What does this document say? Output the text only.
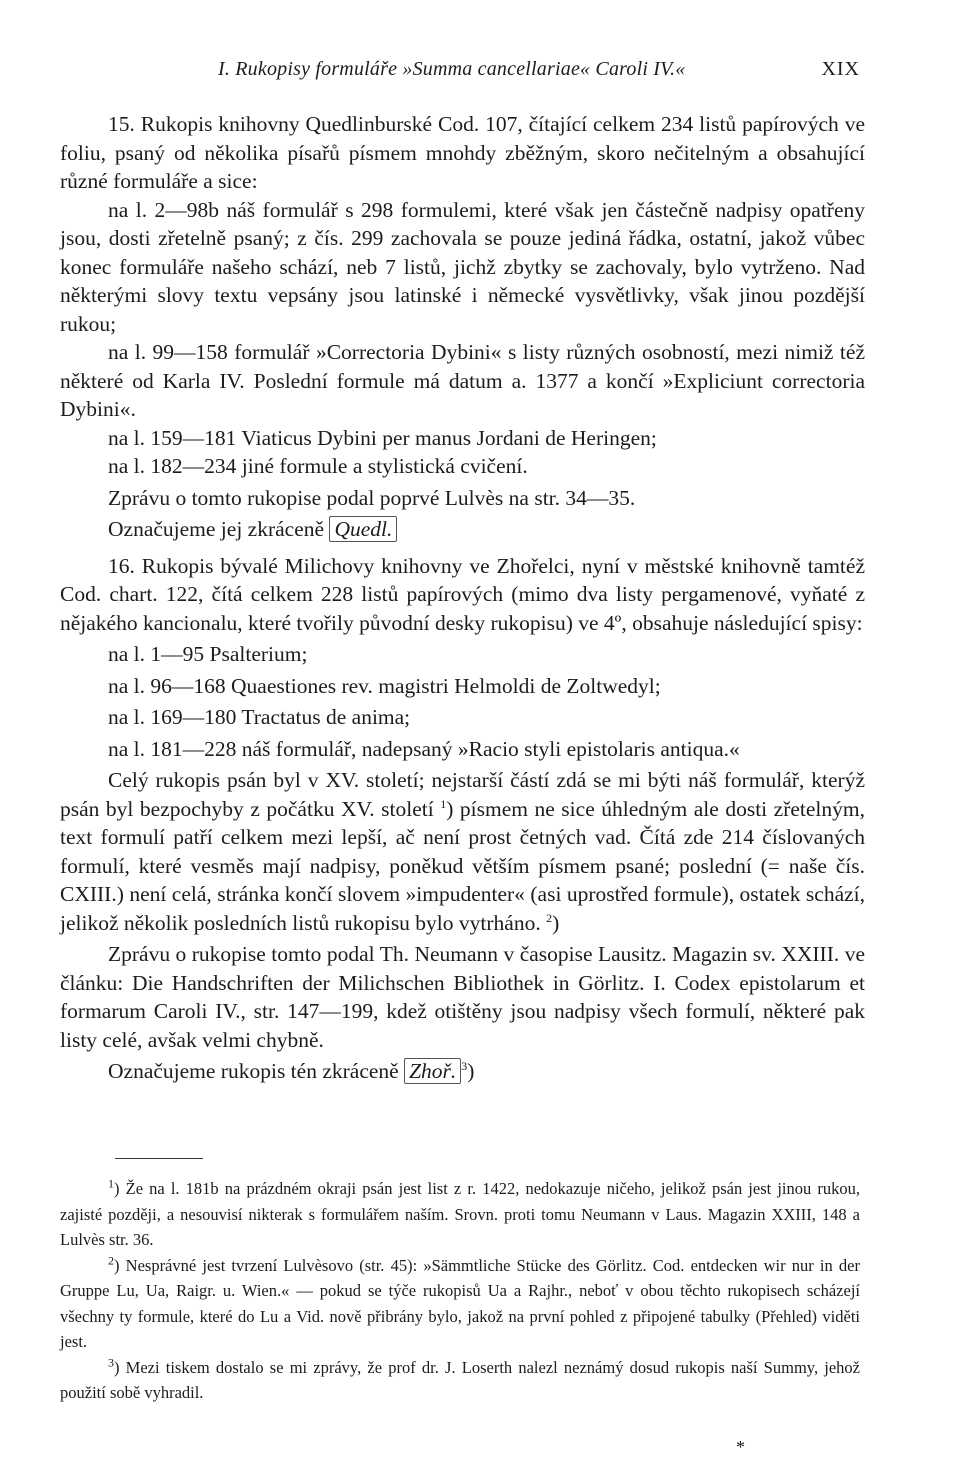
I. Rukopisy formuláře »Summa cancellariae« Caroli IV.«	XIX

15. Rukopis knihovny Quedlinburské Cod. 107, čítající celkem 234 listů papírových ve foliu, psaný od několika písařů písmem mnohdy zběžným, skoro nečitelným a obsahující různé formuláře a sice:

na l. 2—98b náš formulář s 298 formulemi, které však jen částečně nadpisy opatřeny jsou, dosti zřetelně psaný; z čís. 299 zachovala se pouze jediná řádka, ostatní, jakož vůbec konec formuláře našeho schází, neb 7 listů, jichž zbytky se zachovaly, bylo vytrženo. Nad některými slovy textu vepsány jsou latinské i německé vysvětlivky, však jinou pozdější rukou;

na l. 99—158 formulář »Correctoria Dybini« s listy různých osobností, mezi nimiž též některé od Karla IV. Poslední formule má datum a. 1377 a končí »Expliciunt correctoria Dybini«.

na l. 159—181 Viaticus Dybini per manus Jordani de Heringen;

na l. 182—234 jiné formule a stylistická cvičení.

Zprávu o tomto rukopise podal poprvé Lulvès na str. 34—35.

Označujeme jej zkráceně Quedl.

16. Rukopis bývalé Milichovy knihovny ve Zhořelci, nyní v městské knihovně tamtéž Cod. chart. 122, čítá celkem 228 listů papírových (mimo dva listy pergamenové, vyňaté z nějakého kancionalu, které tvořily původní desky rukopisu) ve 4º, obsahuje následující spisy:

na l. 1—95 Psalterium;

na l. 96—168 Quaestiones rev. magistri Helmoldi de Zoltwedyl;

na l. 169—180 Tractatus de anima;

na l. 181—228 náš formulář, nadepsaný »Racio styli epistolaris antiqua.«

Celý rukopis psán byl v XV. století; nejstarší částí zdá se mi býti náš formulář, kterýž psán byl bezpochyby z počátku XV. století $^1$) písmem ne sice úhledným ale dosti zřetelným, text formulí patří celkem mezi lepší, ač není prost četných vad. Čítá zde 214 číslovaných formulí, které vesměs mají nadpisy, poněkud větším písmem psané; poslední (= naše čís. CXIII.) není celá, stránka končí slovem »impudenter« (asi uprostřed formule), ostatek schází, jelikož několik posledních listů rukopisu bylo vytrháno. $^2$)

Zprávu o rukopise tomto podal Th. Neumann v časopise Lausitz. Magazin sv. XXIII. ve článku: Die Handschriften der Milichschen Bibliothek in Görlitz. I. Codex epistolarum et formarum Caroli IV., str. 147—199, kdež otištěny jsou nadpisy všech formulí, některé pak listy celé, avšak velmi chybně.

Označujeme rukopis tén zkráceně Zhoř. $^3$)

$^1$) Že na l. 181b na prázdném okraji psán jest list z r. 1422, nedokazuje ničeho, jelikož psán jest jinou rukou, zajisté později, a nesouvisí nikterak s formulářem naším. Srovn. proti tomu Neumann v Laus. Magazin XXIII, 148 a Lulvès str. 36.

$^2$) Nesprávné jest tvrzení Lulvèsovo (str. 45): »Sämmtliche Stücke des Görlitz. Cod. entdecken wir nur in der Gruppe Lu, Ua, Raigr. u. Wien.« — pokud se týče rukopisů Ua a Rajhr., neboť v obou těchto rukopisech scházejí všechny ty formule, které do Lu a Vid. nově přibrány bylo, jakož na první pohled z připojené tabulky (Přehled) viděti jest.

$^3$) Mezi tiskem dostalo se mi zprávy, že prof dr. J. Loserth nalezl neznámý dosud rukopis naší Summy, jehož použití sobě vyhradil.

*
